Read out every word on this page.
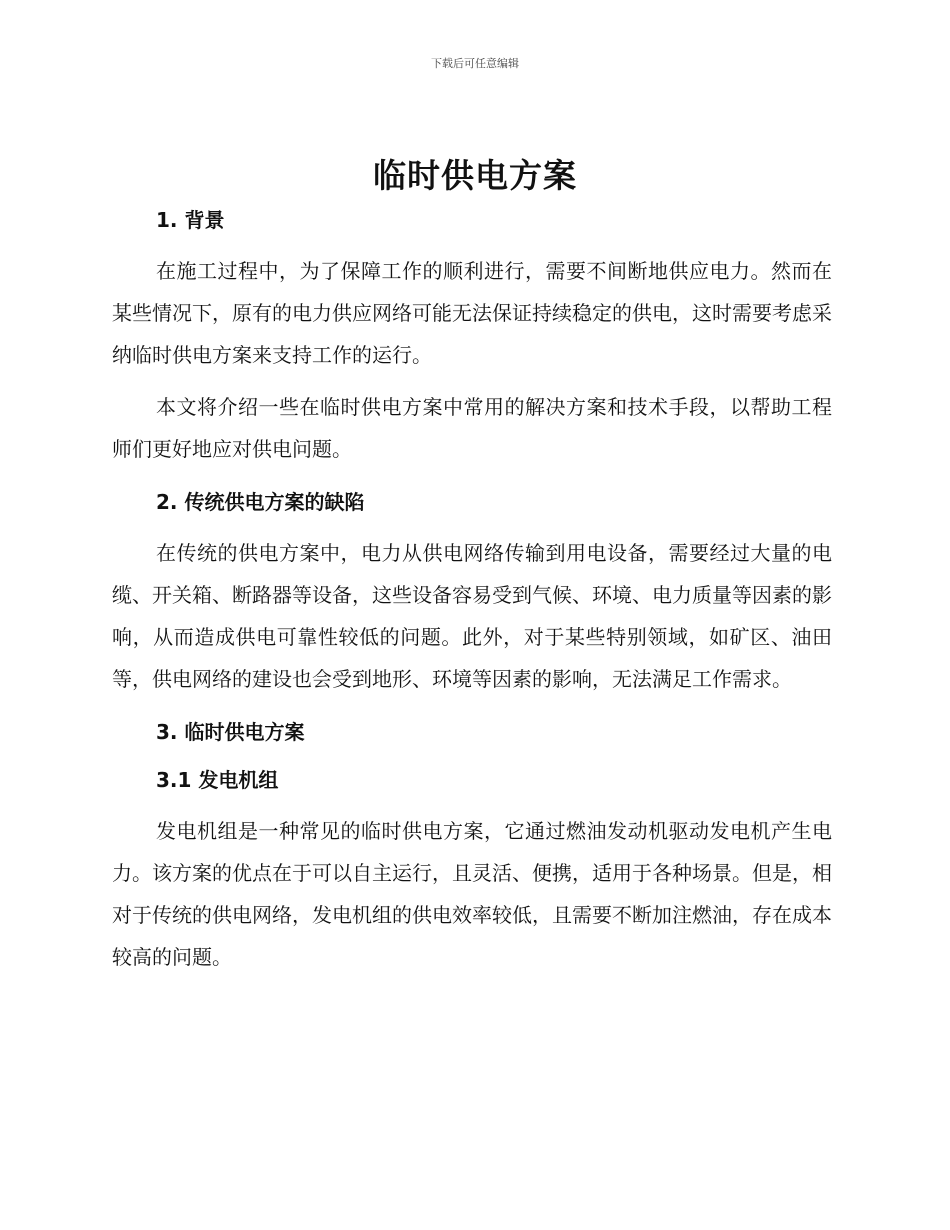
下载后可任意编辑
临时供电方案
1. 背景

在施工过程中，为了保障工作的顺利进行，需要不间断地供应电力。然而在某些情况下，原有的电力供应网络可能无法保证持续稳定的供电，这时需要考虑采纳临时供电方案来支持工作的运行。

本文将介绍一些在临时供电方案中常用的解决方案和技术手段，以帮助工程师们更好地应对供电问题。

2. 传统供电方案的缺陷

在传统的供电方案中，电力从供电网络传输到用电设备，需要经过大量的电缆、开关箱、断路器等设备，这些设备容易受到气候、环境、电力质量等因素的影响，从而造成供电可靠性较低的问题。此外，对于某些特别领域，如矿区、油田等，供电网络的建设也会受到地形、环境等因素的影响，无法满足工作需求。

3. 临时供电方案
3.1 发电机组

发电机组是一种常见的临时供电方案，它通过燃油发动机驱动发电机产生电力。该方案的优点在于可以自主运行，且灵活、便携，适用于各种场景。但是，相对于传统的供电网络，发电机组的供电效率较低，且需要不断加注燃油，存在成本较高的问题。
